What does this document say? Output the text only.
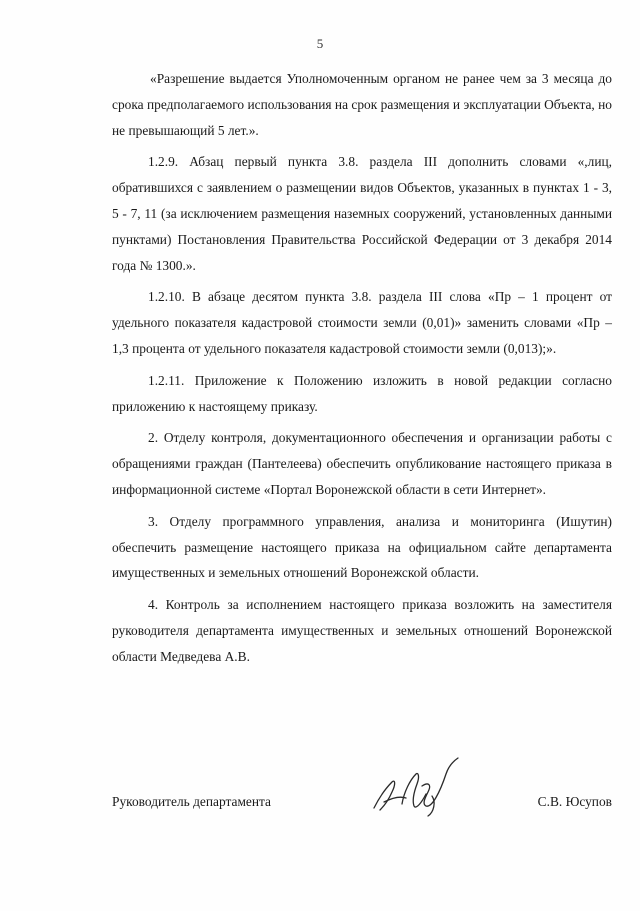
5

«Разрешение выдается Уполномоченным органом не ранее чем за 3 месяца до срока предполагаемого использования на срок размещения и эксплуатации Объекта, но не превышающий 5 лет.».

1.2.9. Абзац первый пункта 3.8. раздела III дополнить словами «,лиц, обратившихся с заявлением о размещении видов Объектов, указанных в пунктах 1 - 3, 5 - 7, 11 (за исключением размещения наземных сооружений, установленных данными пунктами) Постановления Правительства Российской Федерации от 3 декабря 2014 года № 1300.».

1.2.10. В абзаце десятом пункта 3.8. раздела III слова «Пр – 1 процент от удельного показателя кадастровой стоимости земли (0,01)» заменить словами «Пр – 1,3 процента от удельного показателя кадастровой стоимости земли (0,013);».

1.2.11. Приложение к Положению изложить в новой редакции согласно приложению к настоящему приказу.

2. Отделу контроля, документационного обеспечения и организации работы с обращениями граждан (Пантелеева) обеспечить опубликование настоящего приказа в информационной системе «Портал Воронежской области в сети Интернет».

3. Отделу программного управления, анализа и мониторинга (Ишутин) обеспечить размещение настоящего приказа на официальном сайте департамента имущественных и земельных отношений Воронежской области.

4. Контроль за исполнением настоящего приказа возложить на заместителя руководителя департамента имущественных и земельных отношений Воронежской области Медведева А.В.

Руководитель департамента	С.В. Юсупов
